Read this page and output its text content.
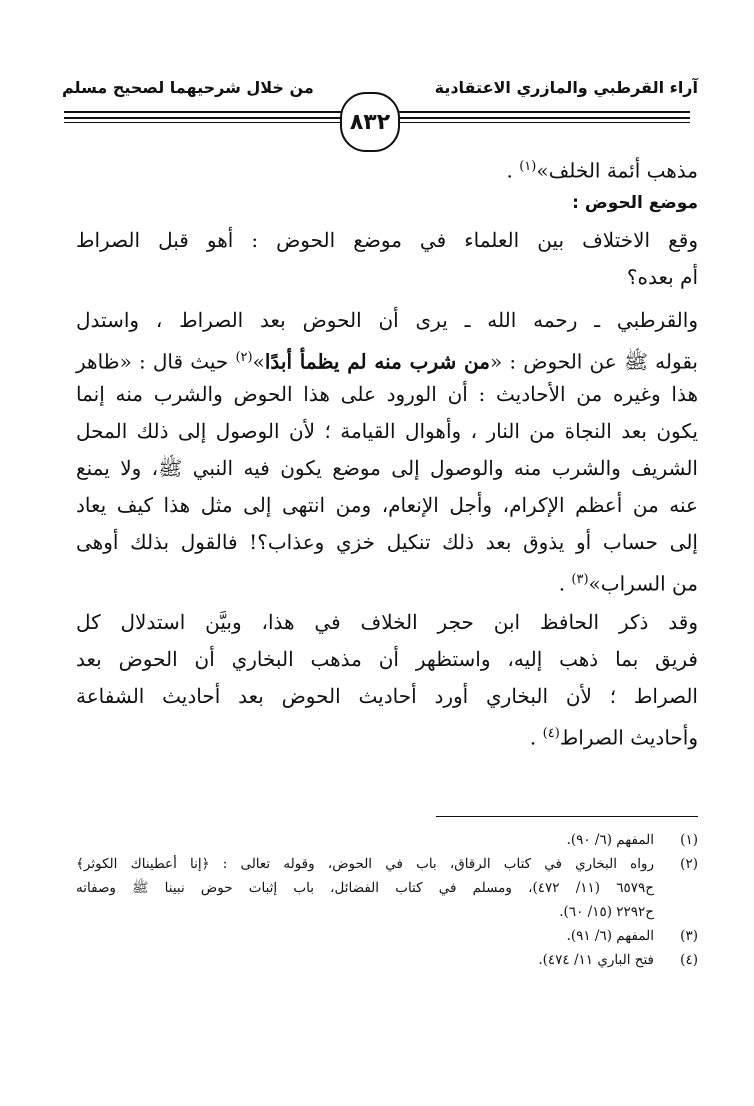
آراء القرطبي والمازري الاعتقادية
من خلال شرحيهما لصحيح مسلم
٨٣٢
مذهب أئمة الخلف»$^{(١)}$ .
موضع الحوض :
وقع الاختلاف بين العلماء في موضع الحوض : أهو قبل الصراط
أم بعده؟
والقرطبي ـ رحمه الله ـ يرى أن الحوض بعد الصراط ، واستدل
بقوله ﷺ عن الحوض : «من شرب منه لم يظمأ أبدًا»$^{(٢)}$ حيث قال : «ظاهر
هذا وغيره من الأحاديث : أن الورود على هذا الحوض والشرب منه إنما
يكون بعد النجاة من النار ، وأهوال القيامة ؛ لأن الوصول إلى ذلك المحل
الشريف والشرب منه والوصول إلى موضع يكون فيه النبي ﷺ، ولا يمنع
عنه من أعظم الإكرام، وأجل الإنعام، ومن انتهى إلى مثل هذا كيف يعاد
إلى حساب أو يذوق بعد ذلك تنكيل خزي وعذاب؟! فالقول بذلك أوهى
من السراب»$^{(٣)}$ .
وقد ذكر الحافظ ابن حجر الخلاف في هذا، وبيَّن استدلال كل
فريق بما ذهب إليه، واستظهر أن مذهب البخاري أن الحوض بعد
الصراط ؛ لأن البخاري أورد أحاديث الحوض بعد أحاديث الشفاعة
وأحاديث الصراط$^{(٤)}$ .
(١)
المفهم (٦/ ٩٠).
(٢)
رواه البخاري في كتاب الرقاق، باب في الحوض، وقوله تعالى : ﴿إنا أعطيناك الكوثر﴾
ح٦٥٧٩ (١١/ ٤٧٢)، ومسلم في كتاب الفضائل، باب إثبات حوض نبينا ﷺ وصفاته
ح٢٢٩٢ (١٥/ ٦٠).
(٣)
المفهم (٦/ ٩١).
(٤)
فتح الباري ١١/ ٤٧٤).
